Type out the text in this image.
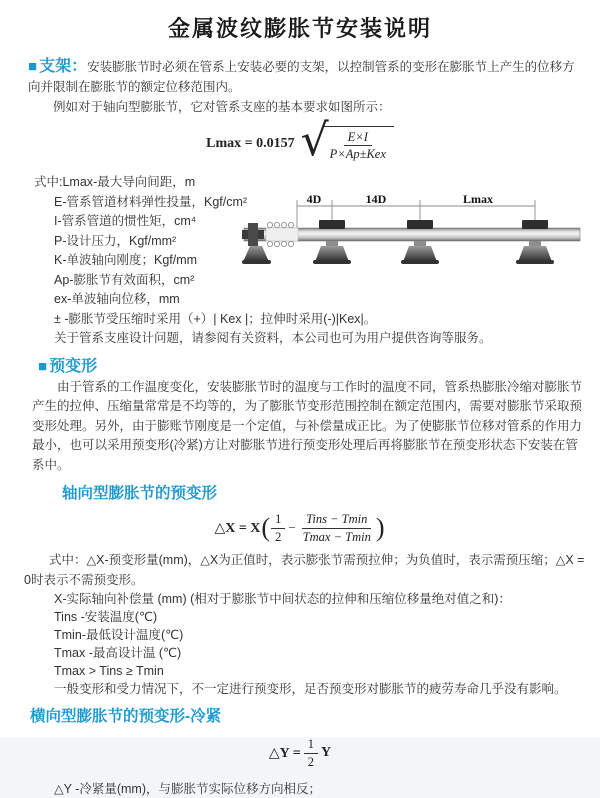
金属波纹膨胀节安装说明

■ 支架：安装膨胀节时必须在管系上安装必要的支架，以控制管系的变形在膨胀节上产生的位移方向并限制在膨胀节的额定位移范围内。

例如对于轴向型膨胀节，它对管系支座的基本要求如图所示：

Lmax = 0.0157 √
$\frac{E\times I}{\text{P×Ap±Kex}}$
式中:Lmax-最大导向间距，m
E-管系管道材料弹性投量，Kgf/cm²
I-管系管道的惯性矩，cm⁴
P-设计压力，Kgf/mm²
K-单波轴向刚度；Kgf/mm
Ap-膨胀节有效面积，cm²
ex-单波轴向位移，mm
± -膨胀节受压缩时采用（+）| Kex |；拉伸时采用(-)|Kex|。
关于管系支座设计问题，请参阅有关资料，本公司也可为用户提供咨询等服务。
4D	14D	Lmax

■ 预变形

由于管系的工作温度变化，安装膨胀节时的温度与工作时的温度不同，管系热膨胀冷缩对膨胀节产生的拉伸、压缩量常常是不均等的，为了膨胀节变形范围控制在额定范围内，需要对膨胀节采取预变形处理。另外，由于膨账节刚度是一个定值，与补偿量成正比。为了使膨胀节位移对管系的作用力最小，也可以采用预变形(冷紧)方让对膨胀节进行预变形处理后再将膨胀节在预变形状态下安装在管系中。

轴向型膨胀节的预变形

△X = X ( $\frac{1}{2} - \frac{\text{Tins − Tmin}}{Tmax - Tmin}$ )

式中：△X-预变形量(mm)，△X为正值时，表示膨张节需预拉伸；为负值时，表示需预压缩；△X = 0时表示不需预变形。

X-实际轴向补偿量 (mm) (相对于膨胀节中间状态的拉伸和压缩位移量绝对值之和)：
Tins -安装温度(℃)
Tmin-最低设计温度(℃)
Tmax -最高设计温 (℃)
Tmax > Tins ≥ Tmin
一般变形和受力情况下，不一定进行预变形，足否预变形对膨胀节的疲劳寿命几乎没有影响。

横向型膨胀节的预变形-冷紧

△Y = $\frac{1}{2}$ Y

△Y -冷紧量(mm)，与膨胀节实际位移方向相反；
